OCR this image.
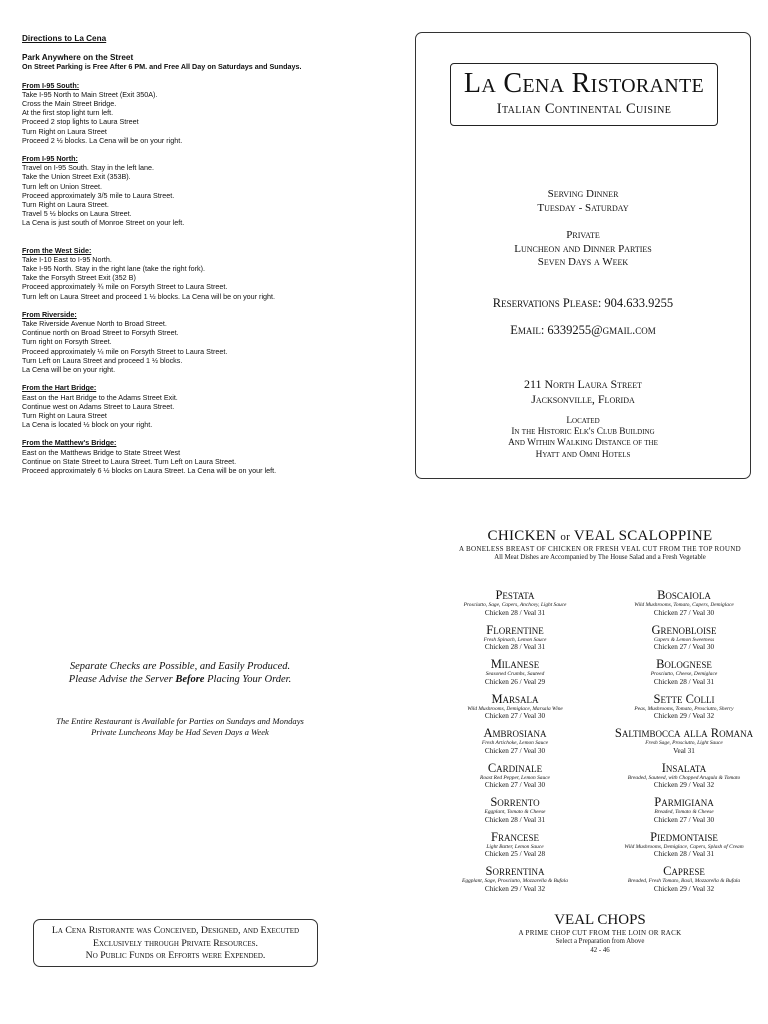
Directions to La Cena
Park Anywhere on the Street
On Street Parking is Free After 6 PM. and Free All Day on Saturdays and Sundays.
From I-95 South:
Take I-95 North to Main Street (Exit 350A).
Cross the Main Street Bridge.
At the first stop light turn left.
Proceed 2 stop lights to Laura Street
Turn Right on Laura Street
Proceed 2 ½ blocks. La Cena will be on your right.
From I-95 North:
Travel on I-95 South. Stay in the left lane.
Take the Union Street Exit (353B).
Turn left on Union Street.
Proceed approximately 3/5 mile to Laura Street.
Turn Right on Laura Street.
Travel 5 ½ blocks on Laura Street.
La Cena is just south of Monroe Street on your left.
From the West Side:
Take I-10 East to I-95 North.
Take I-95 North. Stay in the right lane (take the right fork).
Take the Forsyth Street Exit (352 B)
Proceed approximately ¾ mile on Forsyth Street to Laura Street.
Turn left on Laura Street and proceed 1 ½ blocks. La Cena will be on your right.
From Riverside:
Take Riverside Avenue North to Broad Street.
Continue north on Broad Street to Forsyth Street.
Turn right on Forsyth Street.
Proceed approximately ¼ mile on Forsyth Street to Laura Street.
Turn Left on Laura Street and proceed 1 ½ blocks.
La Cena will be on your right.
From the Hart Bridge:
East on the Hart Bridge to the Adams Street Exit.
Continue west on Adams Street to Laura Street.
Turn Right on Laura Street
La Cena is located ½ block on your right.
From the Matthew's Bridge:
East on the Matthews Bridge to State Street West
Continue on State Street to Laura Street. Turn Left on Laura Street.
Proceed approximately 6 ½ blocks on Laura Street. La Cena will be on your left.
La Cena Ristorante
Italian Continental Cuisine
Serving Dinner
Tuesday - Saturday
Private
Luncheon and Dinner Parties
Seven Days a Week
Reservations Please: 904.633.9255
Email: 6339255@gmail.com
211 North Laura Street
Jacksonville, Florida
Located
In the Historic Elk's Club Building
And Within Walking Distance of the
Hyatt and Omni Hotels
Separate Checks are Possible, and Easily Produced.
Please Advise the Server Before Placing Your Order.
The Entire Restaurant is Available for Parties on Sundays and Mondays
Private Luncheons May be Had Seven Days a Week
La Cena Ristorante was Conceived, Designed, and Executed
Exclusively through Private Resources.
No Public Funds or Efforts were Expended.
CHICKEN or VEAL SCALOPPINE
A BONELESS BREAST OF CHICKEN OR FRESH VEAL CUT FROM THE TOP ROUND
All Meat Dishes are Accompanied by The House Salad and a Fresh Vegetable
Pestata
Prosciutto, Sage, Capers, Anchovy, Light Sauce
Chicken 28 / Veal 31
Florentine
Fresh Spinach, Lemon Sauce
Chicken 28 / Veal 31
Milanese
Seasoned Crumbs, Sauteed
Chicken 26 / Veal 29
Marsala
Wild Mushrooms, Demiglace, Marsala Wine
Chicken 27 / Veal 30
Ambrosiana
Fresh Artichoke, Lemon Sauce
Chicken 27 / Veal 30
Cardinale
Roast Red Pepper, Lemon Sauce
Chicken 27 / Veal 30
Sorrento
Eggplant, Tomato & Cheese
Chicken 28 / Veal 31
Francese
Light Batter, Lemon Sauce
Chicken 25 / Veal 28
Sorrentina
Eggplant, Sage, Prosciutto, Mozzarella & Bufala
Chicken 29 / Veal 32
Boscaiola
Wild Mushrooms, Tomato, Capers, Demiglace
Chicken 27 / Veal 30
Grenobloise
Capers & Lemon Sweetness
Chicken 27 / Veal 30
Bolognese
Prosciutto, Cheese, Demiglace
Chicken 28 / Veal 31
Sette Colli
Peas, Mushrooms, Tomato, Prosciutto, Sherry
Chicken 29 / Veal 32
Saltimbocca alla Romana
Fresh Sage, Prosciutto, Light Sauce
Veal 31
Insalata
Breaded, Sauteed, with Chopped Arugula & Tomato
Chicken 29 / Veal 32
Parmigiana
Breaded, Tomato & Cheese
Chicken 27 / Veal 30
Piedmontaise
Wild Mushrooms, Demiglace, Capers, Splash of Cream
Chicken 28 / Veal 31
Caprese
Breaded, Fresh Tomato, Basil, Mozzarella & Bufala
Chicken 29 / Veal 32
VEAL CHOPS
A PRIME CHOP CUT FROM THE LOIN OR RACK
Select a Preparation from Above
42 - 46
